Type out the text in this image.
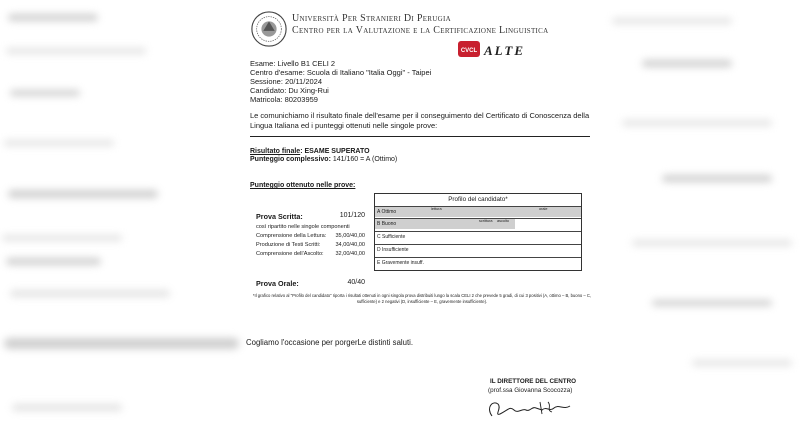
Università Per Stranieri Di Perugia
Centro per la Valutazione e la Certificazione Linguistica
CVCL ALTE
Esame: Livello B1 CELI 2
Centro d'esame: Scuola di Italiano "Italia Oggi" - Taipei
Sessione: 20/11/2024
Candidato: Du Xing-Rui
Matricola: 80203959
Le comunichiamo il risultato finale dell'esame per il conseguimento del Certificato di Conoscenza della Lingua Italiana ed i punteggi ottenuti nelle singole prove:
Risultato finale: ESAME SUPERATO
Punteggio complessivo: 141/160 = A (Ottimo)
Punteggio ottenuto nelle prove:
Prova Scritta:	101/120
così ripartito nelle singole componenti
Comprensione della Lettura:	35,00/40,00
Produzione di Testi Scritti:	34,00/40,00
Comprensione dell'Ascolto:	32,00/40,00
Prova Orale:	40/40
Profilo del candidato*
A Ottimo	lettura	orale
B Buono	scrittura ascolto
C Sufficiente
D Insufficiente
E Gravemente insuff.
*Il grafico relativo al "Profilo del candidato" riporta i risultati ottenuti in ogni singola prova distribuiti lungo la scala CELI 2 che prevede 5 gradi, di cui 3 positivi (A, ottimo – B, buono – C, sufficiente) e 2 negativi (D, insufficiente – E, gravemente insufficiente).
Cogliamo l'occasione per porgerLe distinti saluti.
IL DIRETTORE DEL CENTRO
(prof.ssa Giovanna Scocozza)
